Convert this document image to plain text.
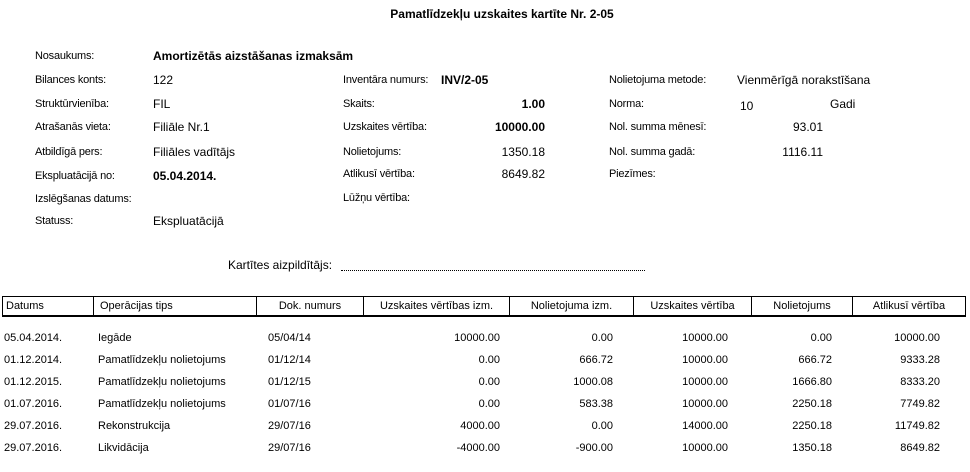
Pamatlīdzekļu uzskaites kartīte Nr. 2-05
Nosaukums:	Amortizētās aizstāšanas izmaksām
Bilances konts:	122
Struktūrvienība:	FIL
Atrašanās vieta:	Filiāle Nr.1
Atbildīgā pers:	Filiāles vadītājs
Ekspluatācijā no:	05.04.2014.
Izslēgšanas datums:
Statuss:	Ekspluatācijā
Inventāra numurs: INV/2-05
Skaits:	1.00
Uzskaites vērtība:	10000.00
Nolietojums:	1350.18
Atlikusī vērtība:	8649.82
Lūžņu vērtība:
Nolietojuma metode:	Vienmērīgā norakstīšana
Norma:	10	Gadi
Nol. summa mēnesī:	93.01
Nol. summa gadā:	1116.11
Piezīmes:
Kartītes aizpildītājs:
Datums	Operācijas tips	Dok. numurs	Uzskaites vērtības izm.	Nolietojuma izm.	Uzskaites vērtība	Nolietojums	Atlikusī vērtība
05.04.2014.	Iegāde	05/04/14	10000.00	0.00	10000.00	0.00	10000.00
01.12.2014.	Pamatlīdzekļu nolietojums	01/12/14	0.00	666.72	10000.00	666.72	9333.28
01.12.2015.	Pamatlīdzekļu nolietojums	01/12/15	0.00	1000.08	10000.00	1666.80	8333.20
01.07.2016.	Pamatlīdzekļu nolietojums	01/07/16	0.00	583.38	10000.00	2250.18	7749.82
29.07.2016.	Rekonstrukcija	29/07/16	4000.00	0.00	14000.00	2250.18	11749.82
29.07.2016.	Likvidācija	29/07/16	-4000.00	-900.00	10000.00	1350.18	8649.82
